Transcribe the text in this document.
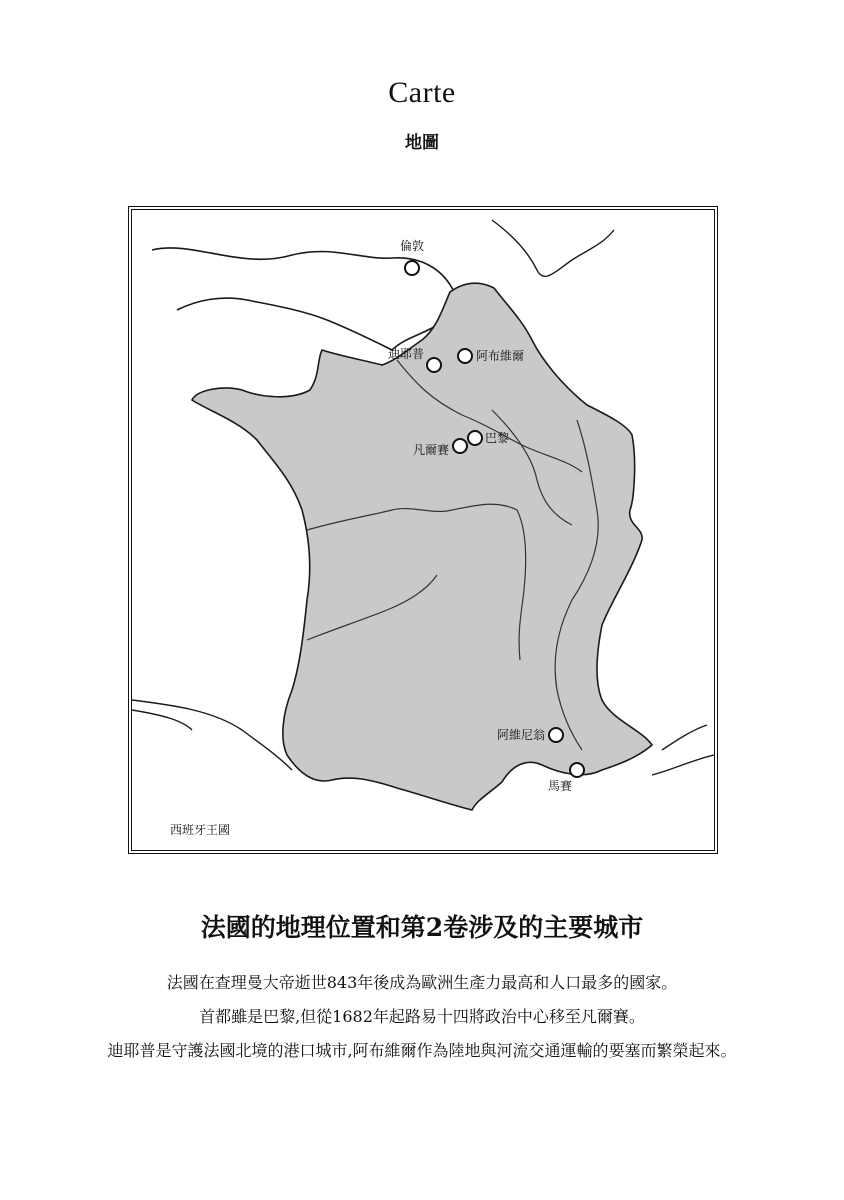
Carte
地圖
倫敦
迪耶普	阿布維爾
巴黎
凡爾賽
阿維尼翁
馬賽
西班牙王國
法國的地理位置和第2卷涉及的主要城市
法國在查理曼大帝逝世843年後成為歐洲生產力最高和人口最多的國家。
首都雖是巴黎,但從1682年起路易十四將政治中心移至凡爾賽。
迪耶普是守護法國北境的港口城市,阿布維爾作為陸地與河流交通運輸的要塞而繁榮起來。
